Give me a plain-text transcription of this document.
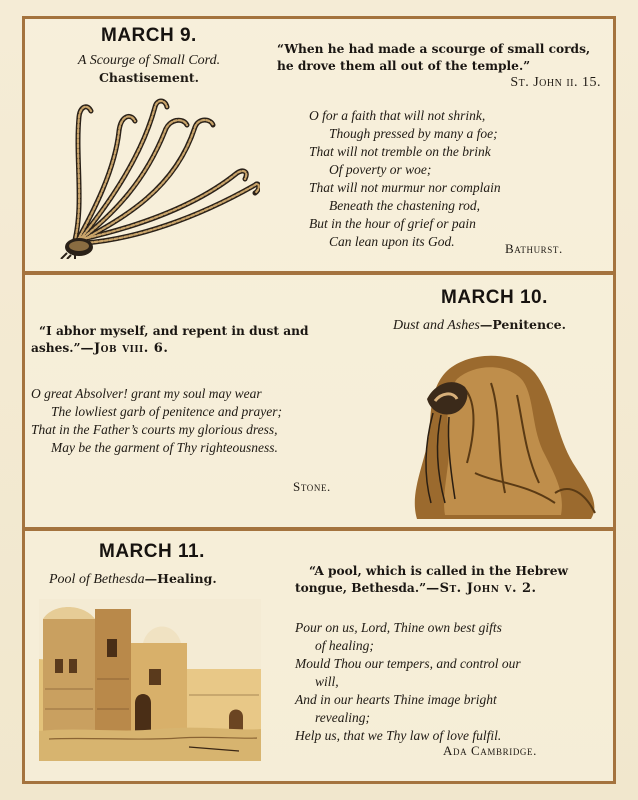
MARCH 9.
A Scourge of Small Cord.
Chastisement.
“When he had made a scourge of small cords,
he drove them all out of the temple.”
St. John ii. 15.
O for a faith that will not shrink,
Though pressed by many a foe;
That will not tremble on the brink
Of poverty or woe;
That will not murmur nor complain
Beneath the chastening rod,
But in the hour of grief or pain
Can lean upon its God.	Bathurst.
MARCH 10.
Dust and Ashes—Penitence.
“I abhor myself, and repent in dust and
ashes.”—Job viii. 6.
O great Absolver! grant my soul may wear
The lowliest garb of penitence and prayer;
That in the Father’s courts my glorious dress,
May be the garment of Thy righteousness.
Stone.
MARCH 11.
Pool of Bethesda—Healing.	“A pool, which is called in the Hebrew
tongue, Bethesda.”—St. John v. 2.
Pour on us, Lord, Thine own best gifts
of healing;
Mould Thou our tempers, and control our
will,
And in our hearts Thine image bright
revealing;
Help us, that we Thy law of love fulfil.
Ada Cambridge.
